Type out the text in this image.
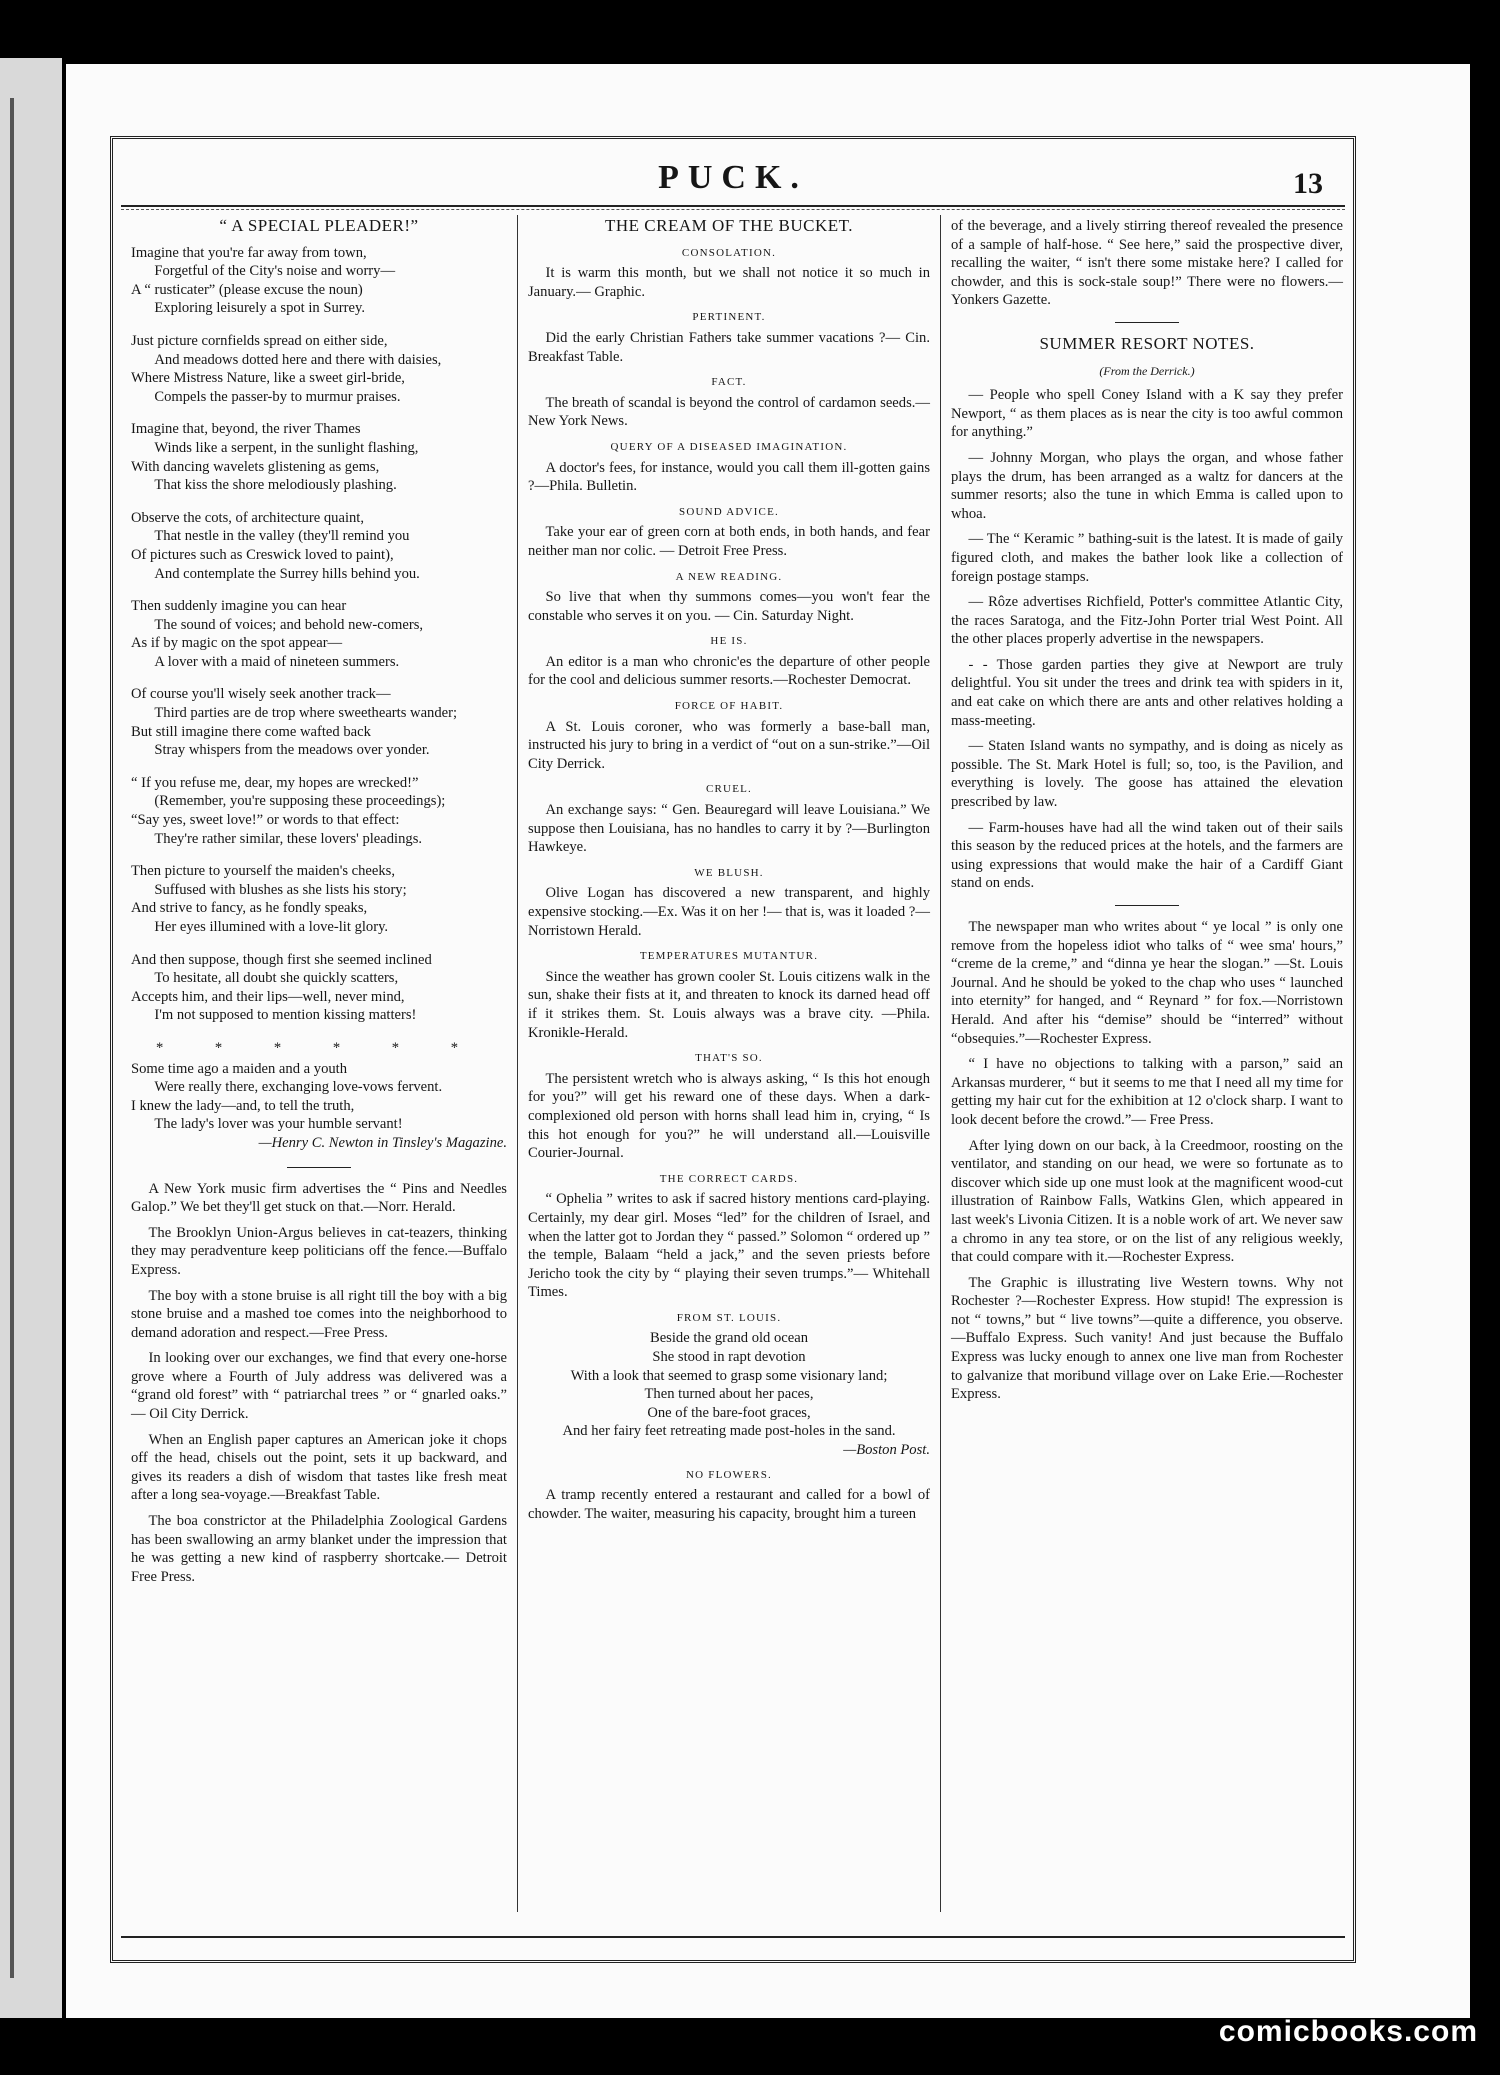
PUCK.	13
“ A SPECIAL PLEADER!”
Imagine that you're far away from town,
Forgetful of the City's noise and worry—
A “ rusticater” (please excuse the noun)
Exploring leisurely a spot in Surrey.
Just picture cornfields spread on either side,
And meadows dotted here and there with daisies,
Where Mistress Nature, like a sweet girl-bride,
Compels the passer-by to murmur praises.
Imagine that, beyond, the river Thames
Winds like a serpent, in the sunlight flashing,
With dancing wavelets glistening as gems,
That kiss the shore melodiously plashing.
Observe the cots, of architecture quaint,
That nestle in the valley (they'll remind you
Of pictures such as Creswick loved to paint),
And contemplate the Surrey hills behind you.
Then suddenly imagine you can hear
The sound of voices; and behold new-comers,
As if by magic on the spot appear—
A lover with a maid of nineteen summers.
Of course you'll wisely seek another track—
Third parties are de trop where sweethearts wander;
But still imagine there come wafted back
Stray whispers from the meadows over yonder.
“ If you refuse me, dear, my hopes are wrecked!”
(Remember, you're supposing these proceedings);
“Say yes, sweet love!” or words to that effect:
They're rather similar, these lovers' pleadings.
Then picture to yourself the maiden's cheeks,
Suffused with blushes as she lists his story;
And strive to fancy, as he fondly speaks,
Her eyes illumined with a love-lit glory.
And then suppose, though first she seemed inclined
To hesitate, all doubt she quickly scatters,
Accepts him, and their lips—well, never mind,
I'm not supposed to mention kissing matters!
* * * * * *
Some time ago a maiden and a youth
Were really there, exchanging love-vows fervent.
I knew the lady—and, to tell the truth,
The lady's lover was your humble servant!
—Henry C. Newton in Tinsley's Magazine.

A New York music firm advertises the “ Pins and Needles Galop.” We bet they'll get stuck on that.—Norr. Herald.

The Brooklyn Union-Argus believes in cat-teazers, thinking they may peradventure keep politicians off the fence.—Buffalo Express.

The boy with a stone bruise is all right till the boy with a big stone bruise and a mashed toe comes into the neighborhood to demand adoration and respect.—Free Press.

In looking over our exchanges, we find that every one-horse grove where a Fourth of July address was delivered was a “grand old forest” with “ patriarchal trees ” or “ gnarled oaks.” — Oil City Derrick.

When an English paper captures an American joke it chops off the head, chisels out the point, sets it up backward, and gives its readers a dish of wisdom that tastes like fresh meat after a long sea-voyage.—Breakfast Table.

The boa constrictor at the Philadelphia Zoological Gardens has been swallowing an army blanket under the impression that he was getting a new kind of raspberry shortcake.— Detroit Free Press.

THE CREAM OF THE BUCKET.
CONSOLATION.

It is warm this month, but we shall not notice it so much in January.— Graphic.

PERTINENT.

Did the early Christian Fathers take summer vacations ?— Cin. Breakfast Table.

FACT.

The breath of scandal is beyond the control of cardamon seeds.—New York News.

QUERY OF A DISEASED IMAGINATION.

A doctor's fees, for instance, would you call them ill-gotten gains ?—Phila. Bulletin.

SOUND ADVICE.

Take your ear of green corn at both ends, in both hands, and fear neither man nor colic. — Detroit Free Press.

A NEW READING.

So live that when thy summons comes—you won't fear the constable who serves it on you. — Cin. Saturday Night.

HE IS.

An editor is a man who chronic'es the departure of other people for the cool and delicious summer resorts.—Rochester Democrat.

FORCE OF HABIT.

A St. Louis coroner, who was formerly a base-ball man, instructed his jury to bring in a verdict of “out on a sun-strike.”—Oil City Derrick.

CRUEL.

An exchange says: “ Gen. Beauregard will leave Louisiana.” We suppose then Louisiana, has no handles to carry it by ?—Burlington Hawkeye.

WE BLUSH.

Olive Logan has discovered a new transparent, and highly expensive stocking.—Ex. Was it on her !— that is, was it loaded ?— Norristown Herald.

TEMPERATURES MUTANTUR.

Since the weather has grown cooler St. Louis citizens walk in the sun, shake their fists at it, and threaten to knock its darned head off if it strikes them. St. Louis always was a brave city. —Phila. Kronikle-Herald.

THAT'S SO.

The persistent wretch who is always asking, “ Is this hot enough for you?” will get his reward one of these days. When a dark-complexioned old person with horns shall lead him in, crying, “ Is this hot enough for you?” he will understand all.—Louisville Courier-Journal.

THE CORRECT CARDS.

“ Ophelia ” writes to ask if sacred history mentions card-playing. Certainly, my dear girl. Moses “led” for the children of Israel, and when the latter got to Jordan they “ passed.” Solomon “ ordered up ” the temple, Balaam “held a jack,” and the seven priests before Jericho took the city by “ playing their seven trumps.”— Whitehall Times.

FROM ST. LOUIS.
Beside the grand old ocean
She stood in rapt devotion
With a look that seemed to grasp some visionary land;
Then turned about her paces,
One of the bare-foot graces,
And her fairy feet retreating made post-holes in the sand.
—Boston Post.
NO FLOWERS.

A tramp recently entered a restaurant and called for a bowl of chowder. The waiter, measuring his capacity, brought him a tureen

of the beverage, and a lively stirring thereof revealed the presence of a sample of half-hose. “ See here,” said the prospective diver, recalling the waiter, “ isn't there some mistake here? I called for chowder, and this is sock-stale soup!” There were no flowers.— Yonkers Gazette.

SUMMER RESORT NOTES.
(From the Derrick.)

— People who spell Coney Island with a K say they prefer Newport, “ as them places as is near the city is too awful common for anything.”

— Johnny Morgan, who plays the organ, and whose father plays the drum, has been arranged as a waltz for dancers at the summer resorts; also the tune in which Emma is called upon to whoa.

— The “ Keramic ” bathing-suit is the latest. It is made of gaily figured cloth, and makes the bather look like a collection of foreign postage stamps.

— Rôze advertises Richfield, Potter's committee Atlantic City, the races Saratoga, and the Fitz-John Porter trial West Point. All the other places properly advertise in the newspapers.

- - Those garden parties they give at Newport are truly delightful. You sit under the trees and drink tea with spiders in it, and eat cake on which there are ants and other relatives holding a mass-meeting.

— Staten Island wants no sympathy, and is doing as nicely as possible. The St. Mark Hotel is full; so, too, is the Pavilion, and everything is lovely. The goose has attained the elevation prescribed by law.

— Farm-houses have had all the wind taken out of their sails this season by the reduced prices at the hotels, and the farmers are using expressions that would make the hair of a Cardiff Giant stand on ends.

The newspaper man who writes about “ ye local ” is only one remove from the hopeless idiot who talks of “ wee sma' hours,” “creme de la creme,” and “dinna ye hear the slogan.” —St. Louis Journal. And he should be yoked to the chap who uses “ launched into eternity” for hanged, and “ Reynard ” for fox.—Norristown Herald. And after his “demise” should be “interred” without “obsequies.”—Rochester Express.

“ I have no objections to talking with a parson,” said an Arkansas murderer, “ but it seems to me that I need all my time for getting my hair cut for the exhibition at 12 o'clock sharp. I want to look decent before the crowd.”— Free Press.

After lying down on our back, à la Creedmoor, roosting on the ventilator, and standing on our head, we were so fortunate as to discover which side up one must look at the magnificent wood-cut illustration of Rainbow Falls, Watkins Glen, which appeared in last week's Livonia Citizen. It is a noble work of art. We never saw a chromo in any tea store, or on the list of any religious weekly, that could compare with it.—Rochester Express.

The Graphic is illustrating live Western towns. Why not Rochester ?—Rochester Express. How stupid! The expression is not “ towns,” but “ live towns”—quite a difference, you observe.—Buffalo Express. Such vanity! And just because the Buffalo Express was lucky enough to annex one live man from Rochester to galvanize that moribund village over on Lake Erie.—Rochester Express.

comicbooks.com
